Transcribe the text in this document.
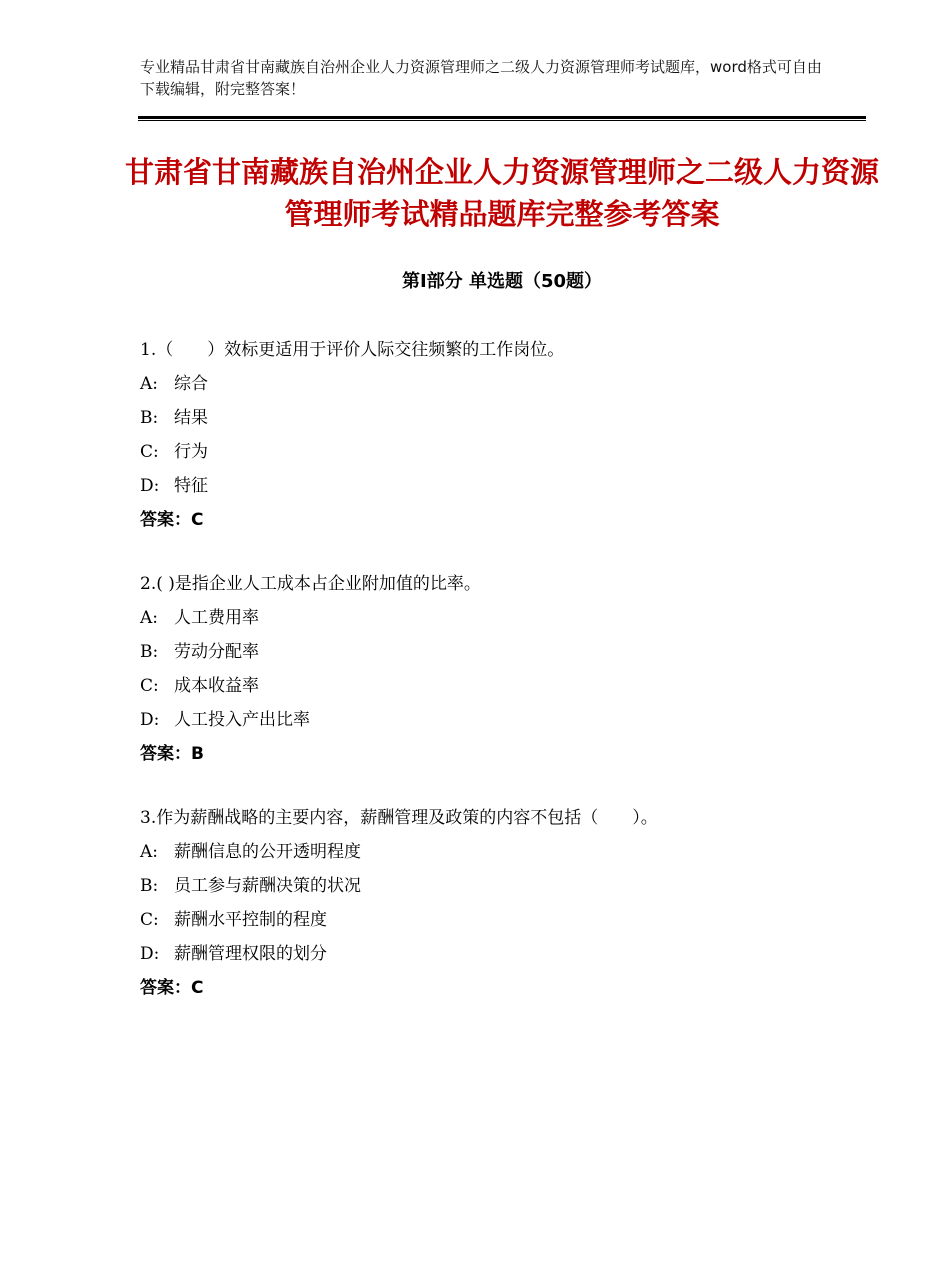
专业精品甘肃省甘南藏族自治州企业人力资源管理师之二级人力资源管理师考试题库，word格式可自由下载编辑，附完整答案！
甘肃省甘南藏族自治州企业人力资源管理师之二级人力资源管理师考试精品题库完整参考答案
第Ⅰ部分 单选题（50题）
1.（　　）效标更适用于评价人际交往频繁的工作岗位。
A: 综合
B: 结果
C: 行为
D: 特征
答案：C
2.( )是指企业人工成本占企业附加值的比率。
A: 人工费用率
B: 劳动分配率
C: 成本收益率
D: 人工投入产出比率
答案：B
3.作为薪酬战略的主要内容，薪酬管理及政策的内容不包括（　　）。
A: 薪酬信息的公开透明程度
B: 员工参与薪酬决策的状况
C: 薪酬水平控制的程度
D: 薪酬管理权限的划分
答案：C
